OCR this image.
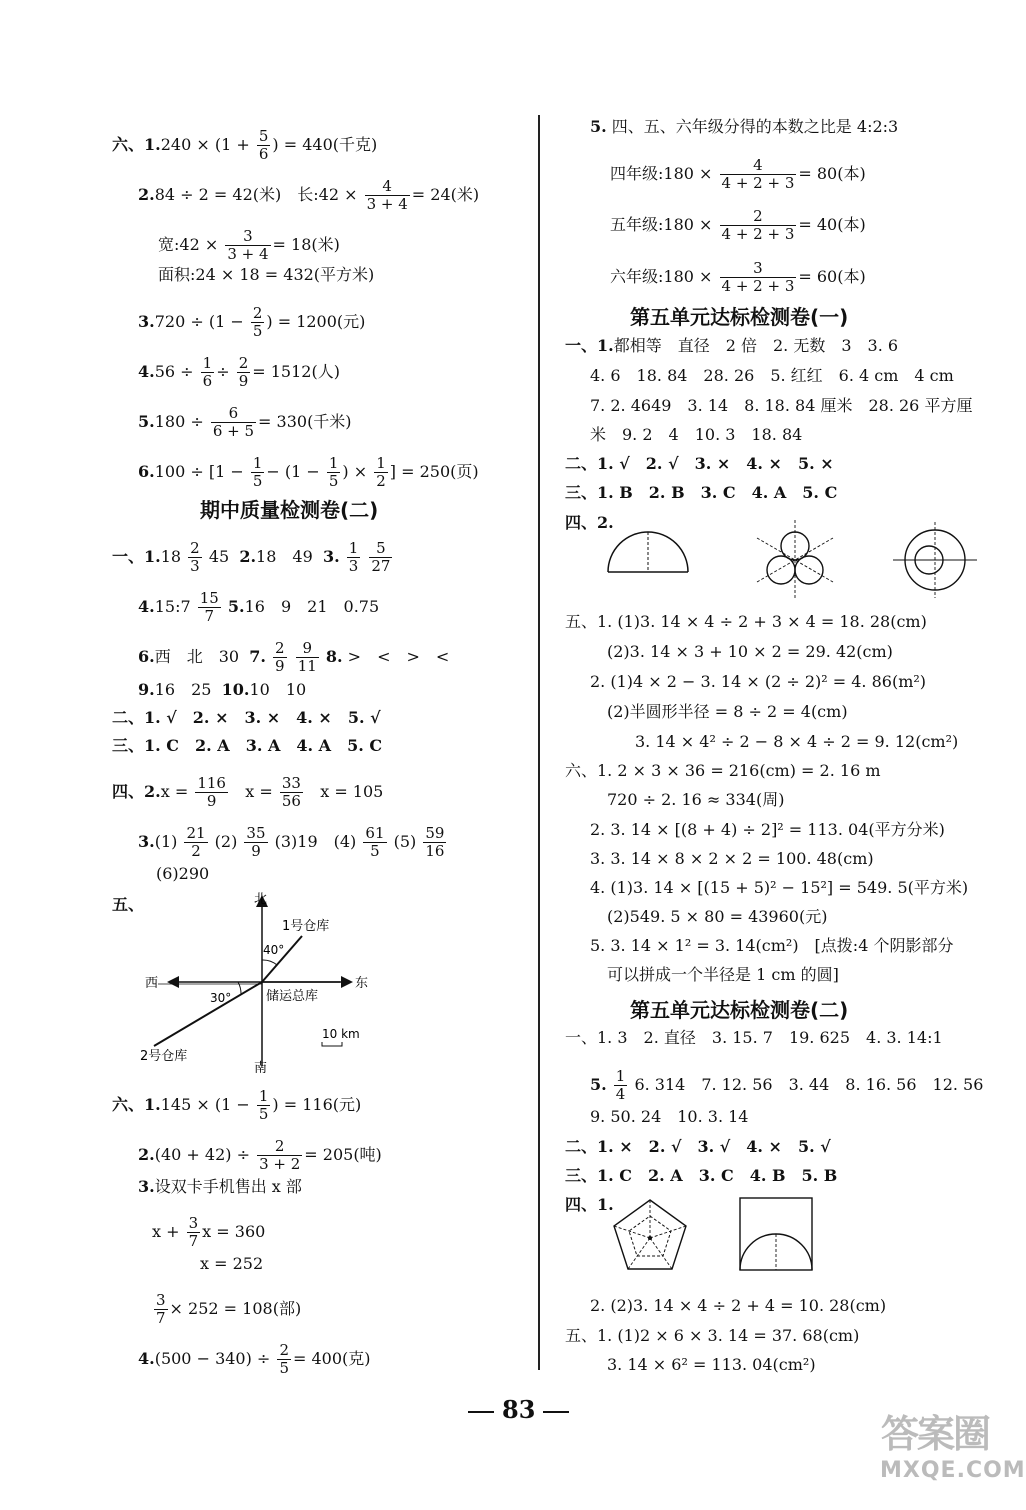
六、$1.240 \times (1 + \frac{5}{6}$ ) = 440(千克)
2.84 ÷ 2 = 42(米)　长:42 × $\frac{4}{3 + 4} = 24$(米)
宽:42 × $\frac{3}{3 + 4} = 18$(米)
面积:24 × 18 = 432(平方米)
$3.720 \div (1 - \frac{2}{5}$ ) = 1200(元)
$4.56 \div \frac{1}{6} \div \frac{2}{9} = 1512$(人)
$5.180 \div \frac{6}{6 + 5} = 330$(千米)
$6.100 \div [1 - \frac{1}{5} - (1 - \frac{1}{5}$ ) × $\frac{1}{2}$ ] = 250(页)
期中质量检测卷(二)
一、$1.18 \frac{2}{3} 45$ 2.18　49 3. $\frac{1}{3}$
$\frac{5}{27}$
4.15:7 $\frac{15}{7} 5.16$　9　21　0.75
6.西　北　30 7. $\frac{2}{9}$
$\frac{9}{11} 8$. >　<　>　<
9.16　25 10.10　10
二、1. √　2. ×　3. ×　4. ×　5. √
三、1. C　2. A　3. A　4. A　5. C
四、$2.x = \frac{116}{9}$ $x = \frac{33}{56}$ x = 105
$3.(1) \frac{21}{2} (2) \frac{35}{9} (3)19$　$(4) \frac{61}{5} (5) \frac{59}{16}$
(6)290
五、	北
南
西	东
1号仓库
2号仓库
储运总库
40°
30°
10 km
六、$1.145 \times (1 - \frac{1}{5}$ ) = 116(元)
$2.(40 + 42) \div \frac{2}{3 + 2} = 205$(吨)
3.设双卡手机售出 x 部
$x + \frac{3}{7}$ x = 360
x = 252
$\frac{3}{7} \times 252 = 108$(部)
$4.(500 - 340) \div \frac{2}{5} = 400$(克)
5. 四、五、六年级分得的本数之比是 4:2:3
四年级:180 × $\frac{4}{4 + 2 + 3} = 80$(本)
五年级:180 × $\frac{2}{4 + 2 + 3} = 40$(本)
六年级:180 × $\frac{3}{4 + 2 + 3} = 60$(本)
第五单元达标检测卷(一)
一、1.都相等　直径　2 倍　2. 无数　3　3. 6
4. 6　18. 84　28. 26　5. 红红　6. 4 cm　4 cm
7. 2. 4649　3. 14　8. 18. 84 厘米　28. 26 平方厘
米　9. 2　4　10. 3　18. 84
二、1. √　2. √　3. ×　4. ×　5. ×
三、1. B　2. B　3. C　4. A　5. C
四、2.
五、1. (1)3. 14 × 4 ÷ 2 + 3 × 4 = 18. 28(cm)
(2)3. 14 × 3 + 10 × 2 = 29. 42(cm)
2. (1)4 × 2 − 3. 14 × (2 ÷ 2)² = 4. 86(m²)
(2)半圆形半径 = 8 ÷ 2 = 4(cm)
3. 14 × 4² ÷ 2 − 8 × 4 ÷ 2 = 9. 12(cm²)
六、1. 2 × 3 × 36 = 216(cm) = 2. 16 m
720 ÷ 2. 16 ≈ 334(周)
2. 3. 14 × [(8 + 4) ÷ 2]² = 113. 04(平方分米)
3. 3. 14 × 8 × 2 × 2 = 100. 48(cm)
4. (1)3. 14 × [(15 + 5)² − 15²] = 549. 5(平方米)
(2)549. 5 × 80 = 43960(元)
5. 3. 14 × 1² = 3. 14(cm²)　[点拨:4 个阴影部分
可以拼成一个半径是 1 cm 的圆]
第五单元达标检测卷(二)
一、1. 3　2. 直径　3. 15. 7　19. 625　4. 3. 14:1
5. $\frac{1}{4} 6$. 314　7. 12. 56　3. 44　8. 16. 56　12. 56
9. 50. 24　10. 3. 14
二、1. ×　2. √　3. √　4. ×　5. √
三、1. C　2. A　3. C　4. B　5. B
四、1.
2. (2)3. 14 × 4 ÷ 2 + 4 = 10. 28(cm)
五、1. (1)2 × 6 × 3. 14 = 37. 68(cm)
3. 14 × 6² = 113. 04(cm²)
83
答案圈
MXQE.COM
